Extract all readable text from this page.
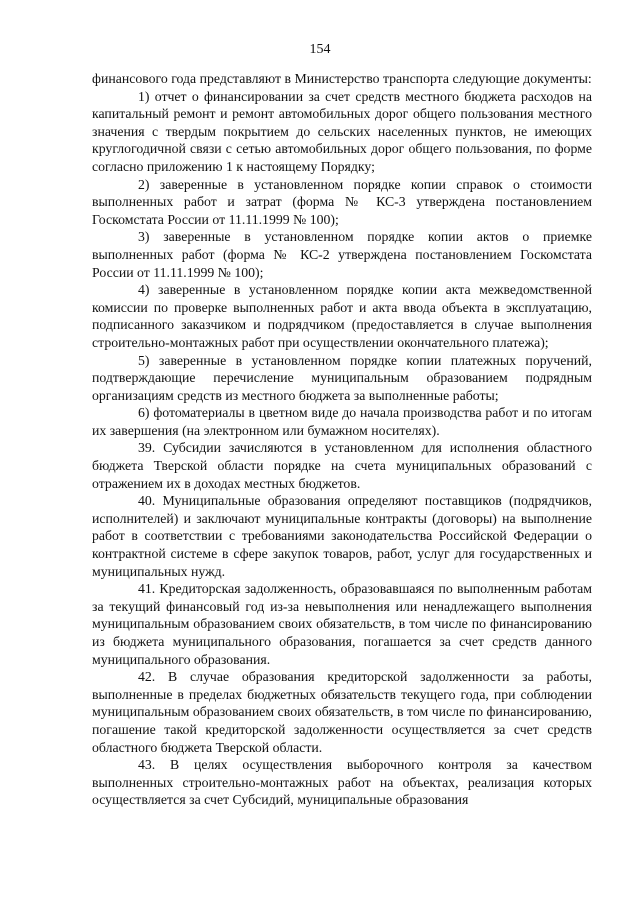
154

финансового года представляют в Министерство транспорта следующие документы:

1) отчет о финансировании за счет средств местного бюджета расходов на капитальный ремонт и ремонт автомобильных дорог общего пользования местного значения с твердым покрытием до сельских населенных пунктов, не имеющих круглогодичной связи с сетью автомобильных дорог общего пользования, по форме согласно приложению 1 к настоящему Порядку;

2) заверенные в установленном порядке копии справок о стоимости выполненных работ и затрат (форма № КС-3 утверждена постановлением Госкомстата России от 11.11.1999 № 100);

3) заверенные в установленном порядке копии актов о приемке выполненных работ (форма № КС-2 утверждена постановлением Госкомстата России от 11.11.1999 № 100);

4) заверенные в установленном порядке копии акта межведомственной комиссии по проверке выполненных работ и акта ввода объекта в эксплуатацию, подписанного заказчиком и подрядчиком (предоставляется в случае выполнения строительно-монтажных работ при осуществлении окончательного платежа);

5) заверенные в установленном порядке копии платежных поручений, подтверждающие перечисление муниципальным образованием подрядным организациям средств из местного бюджета за выполненные работы;

6) фотоматериалы в цветном виде до начала производства работ и по итогам их завершения (на электронном или бумажном носителях).

39. Субсидии зачисляются в установленном для исполнения областного бюджета Тверской области порядке на счета муниципальных образований с отражением их в доходах местных бюджетов.

40. Муниципальные образования определяют поставщиков (подрядчиков, исполнителей) и заключают муниципальные контракты (договоры) на выполнение работ в соответствии с требованиями законодательства Российской Федерации о контрактной системе в сфере закупок товаров, работ, услуг для государственных и муниципальных нужд.

41. Кредиторская задолженность, образовавшаяся по выполненным работам за текущий финансовый год из-за невыполнения или ненадлежащего выполнения муниципальным образованием своих обязательств, в том числе по финансированию из бюджета муниципального образования, погашается за счет средств данного муниципального образования.

42. В случае образования кредиторской задолженности за работы, выполненные в пределах бюджетных обязательств текущего года, при соблюдении муниципальным образованием своих обязательств, в том числе по финансированию, погашение такой кредиторской задолженности осуществляется за счет средств областного бюджета Тверской области.

43. В целях осуществления выборочного контроля за качеством выполненных строительно-монтажных работ на объектах, реализация которых осуществляется за счет Субсидий, муниципальные образования
